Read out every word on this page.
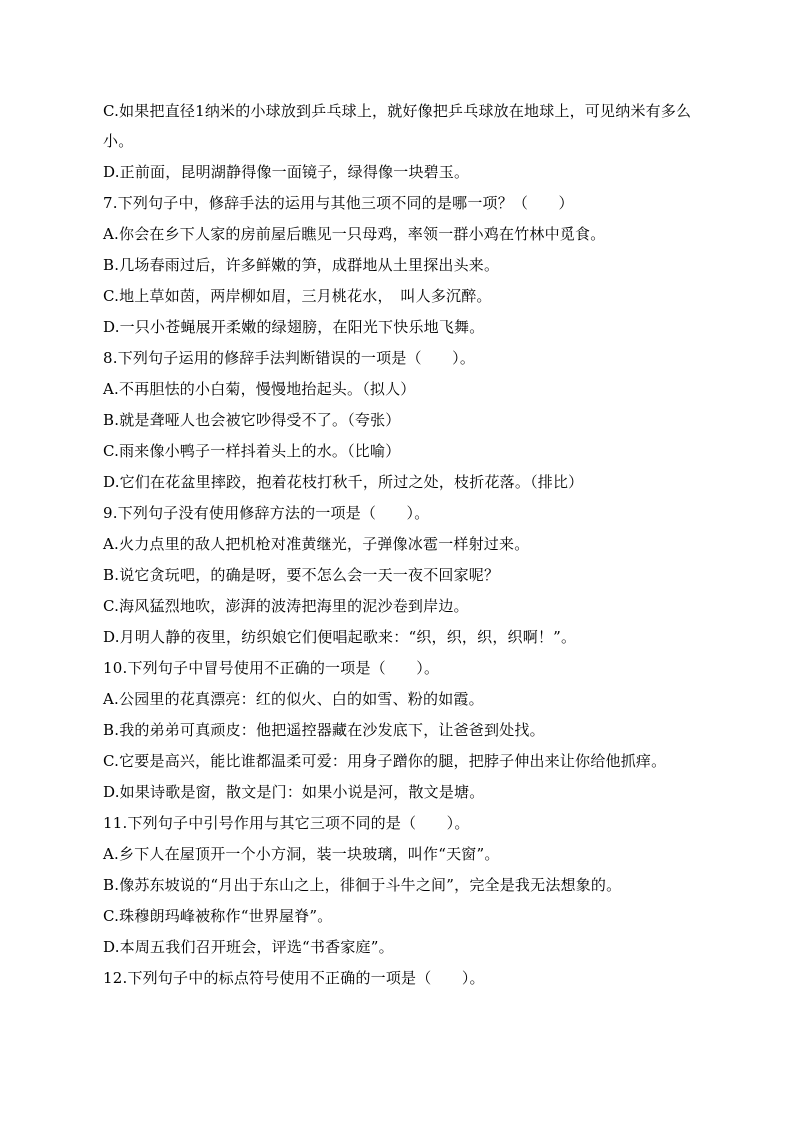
C.如果把直径1纳米的小球放到乒乓球上，就好像把乒乓球放在地球上，可见纳米有多么
小。
D.正前面，昆明湖静得像一面镜子，绿得像一块碧玉。
7.下列句子中，修辞手法的运用与其他三项不同的是哪一项？（　　）
A.你会在乡下人家的房前屋后瞧见一只母鸡，率领一群小鸡在竹林中觅食。
B.几场春雨过后，许多鲜嫩的笋，成群地从土里探出头来。
C.地上草如茵，两岸柳如眉，三月桃花水，　叫人多沉醉。
D.一只小苍蝇展开柔嫩的绿翅膀，在阳光下快乐地飞舞。
8.下列句子运用的修辞手法判断错误的一项是（　　）。
A.不再胆怯的小白菊，慢慢地抬起头。（拟人）
B.就是聋哑人也会被它吵得受不了。（夸张）
C.雨来像小鸭子一样抖着头上的水。（比喻）
D.它们在花盆里摔跤，抱着花枝打秋千，所过之处，枝折花落。（排比）
9.下列句子没有使用修辞方法的一项是（　　）。
A.火力点里的敌人把机枪对准黄继光，子弹像冰雹一样射过来。
B.说它贪玩吧，的确是呀，要不怎么会一天一夜不回家呢？
C.海风猛烈地吹，澎湃的波涛把海里的泥沙卷到岸边。
D.月明人静的夜里，纺织娘它们便唱起歌来：“织，织，织，织啊！”。
10.下列句子中冒号使用不正确的一项是（　　）。
A.公园里的花真漂亮：红的似火、白的如雪、粉的如霞。
B.我的弟弟可真顽皮：他把遥控器藏在沙发底下，让爸爸到处找。
C.它要是高兴，能比谁都温柔可爱：用身子蹭你的腿，把脖子伸出来让你给他抓痒。
D.如果诗歌是窗，散文是门：如果小说是河，散文是塘。
11.下列句子中引号作用与其它三项不同的是（　　）。
A.乡下人在屋顶开一个小方洞，装一块玻璃，叫作“天窗”。
B.像苏东坡说的“月出于东山之上，徘徊于斗牛之间”，完全是我无法想象的。
C.珠穆朗玛峰被称作“世界屋脊”。
D.本周五我们召开班会，评选“书香家庭”。
12.下列句子中的标点符号使用不正确的一项是（　　）。
